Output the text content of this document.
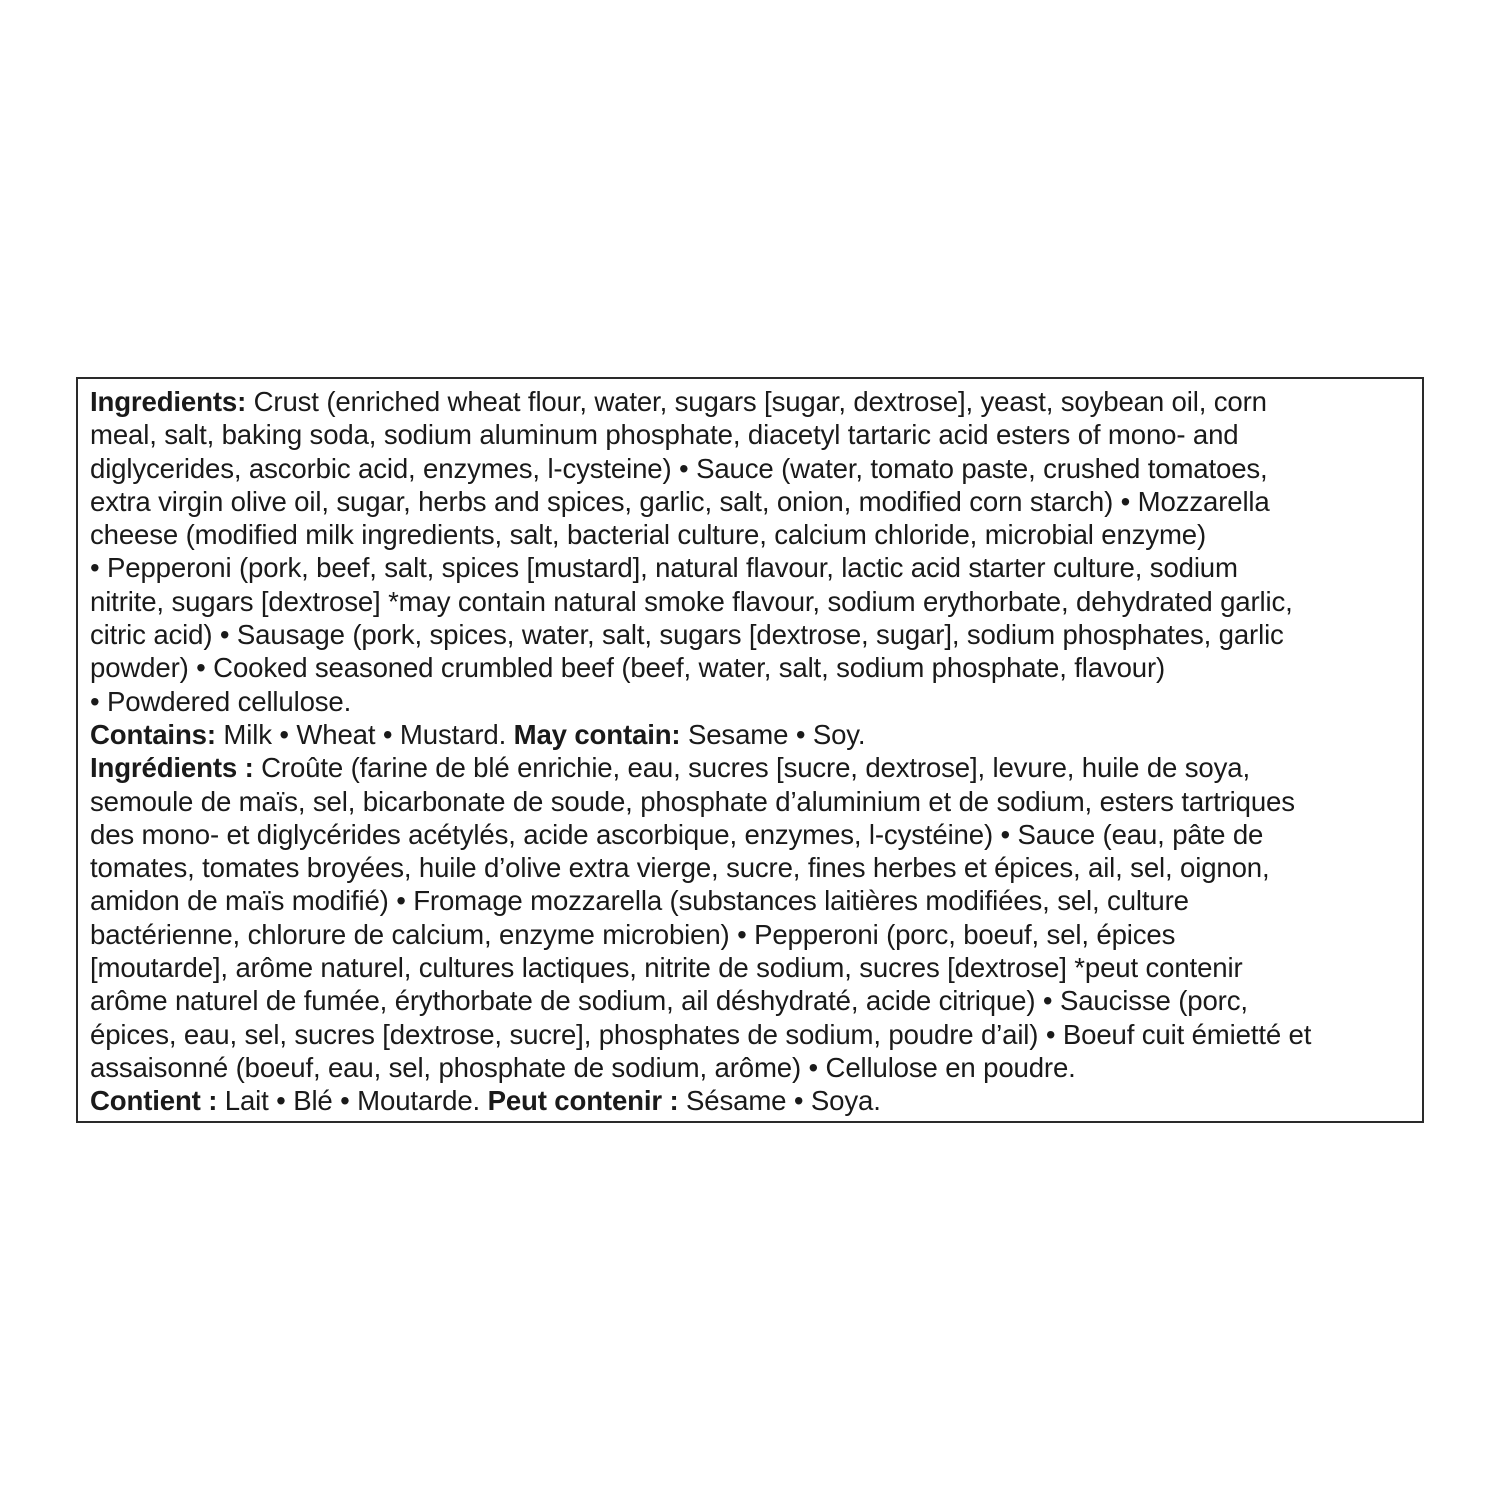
Ingredients: Crust (enriched wheat flour, water, sugars [sugar, dextrose], yeast, soybean oil, corn
meal, salt, baking soda, sodium aluminum phosphate, diacetyl tartaric acid esters of mono- and
diglycerides, ascorbic acid, enzymes, l-cysteine) • Sauce (water, tomato paste, crushed tomatoes,
extra virgin olive oil, sugar, herbs and spices, garlic, salt, onion, modified corn starch) • Mozzarella
cheese (modified milk ingredients, salt, bacterial culture, calcium chloride, microbial enzyme)
• Pepperoni (pork, beef, salt, spices [mustard], natural flavour, lactic acid starter culture, sodium
nitrite, sugars [dextrose] *may contain natural smoke flavour, sodium erythorbate, dehydrated garlic,
citric acid) • Sausage (pork, spices, water, salt, sugars [dextrose, sugar], sodium phosphates, garlic
powder) • Cooked seasoned crumbled beef (beef, water, salt, sodium phosphate, flavour)
• Powdered cellulose.
Contains: Milk • Wheat • Mustard. May contain: Sesame • Soy.
Ingrédients : Croûte (farine de blé enrichie, eau, sucres [sucre, dextrose], levure, huile de soya,
semoule de maïs, sel, bicarbonate de soude, phosphate d’aluminium et de sodium, esters tartriques
des mono- et diglycérides acétylés, acide ascorbique, enzymes, l-cystéine) • Sauce (eau, pâte de
tomates, tomates broyées, huile d’olive extra vierge, sucre, fines herbes et épices, ail, sel, oignon,
amidon de maïs modifié) • Fromage mozzarella (substances laitières modifiées, sel, culture
bactérienne, chlorure de calcium, enzyme microbien) • Pepperoni (porc, boeuf, sel, épices
[moutarde], arôme naturel, cultures lactiques, nitrite de sodium, sucres [dextrose] *peut contenir
arôme naturel de fumée, érythorbate de sodium, ail déshydraté, acide citrique) • Saucisse (porc,
épices, eau, sel, sucres [dextrose, sucre], phosphates de sodium, poudre d’ail) • Boeuf cuit émietté et
assaisonné (boeuf, eau, sel, phosphate de sodium, arôme) • Cellulose en poudre.
Contient : Lait • Blé • Moutarde. Peut contenir : Sésame • Soya.
